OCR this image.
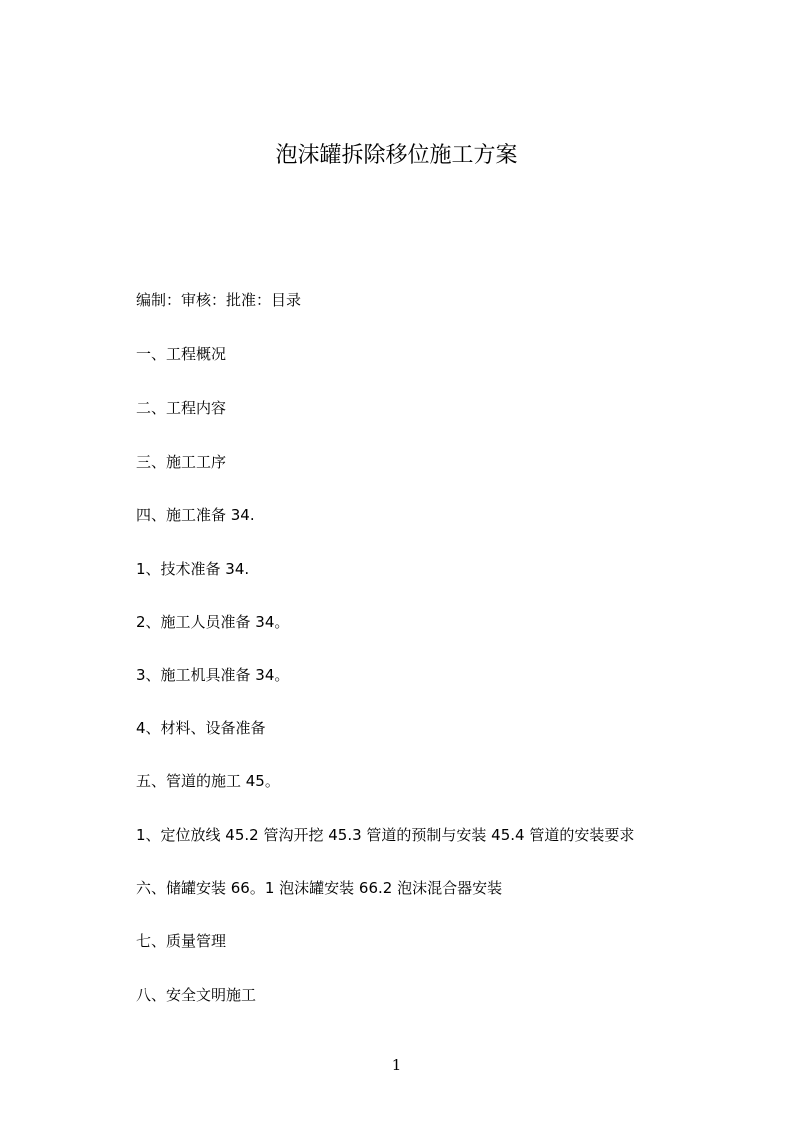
泡沫罐拆除移位施工方案
编制：审核：批准：目录
一、工程概况
二、工程内容
三、施工工序
四、施工准备 34.
1、技术准备 34.
2、施工人员准备 34。
3、施工机具准备 34。
4、材料、设备准备
五、管道的施工 45。
1、定位放线 45.2 管沟开挖 45.3 管道的预制与安装 45.4 管道的安装要求
六、储罐安装 66。1 泡沫罐安装 66.2 泡沫混合器安装
七、质量管理
八、安全文明施工
1
